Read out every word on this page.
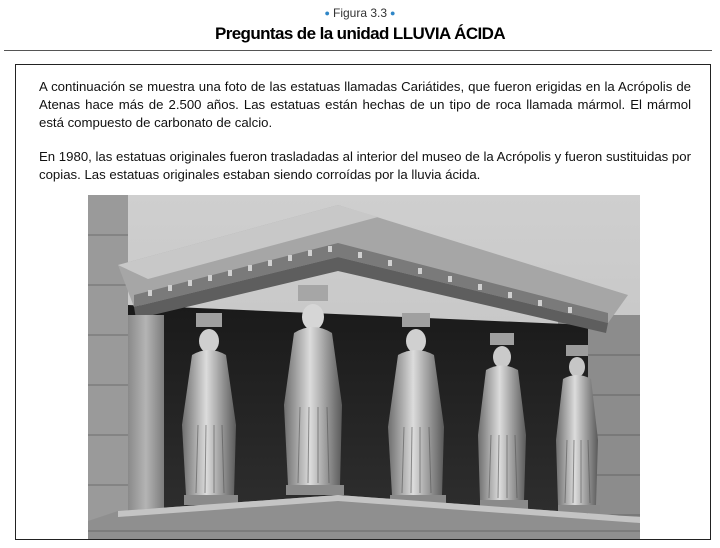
● Figura 3.3 ●
Preguntas de la unidad LLUVIA ÁCIDA

A continuación se muestra una foto de las estatuas llamadas Cariátides, que fueron erigidas en la Acrópolis de Atenas hace más de 2.500 años. Las estatuas están hechas de un tipo de roca llamada mármol. El mármol está compuesto de carbonato de calcio.

En 1980, las estatuas originales fueron trasladadas al interior del museo de la Acrópolis y fueron sustituidas por copias. Las estatuas originales estaban siendo corroídas por la lluvia ácida.
